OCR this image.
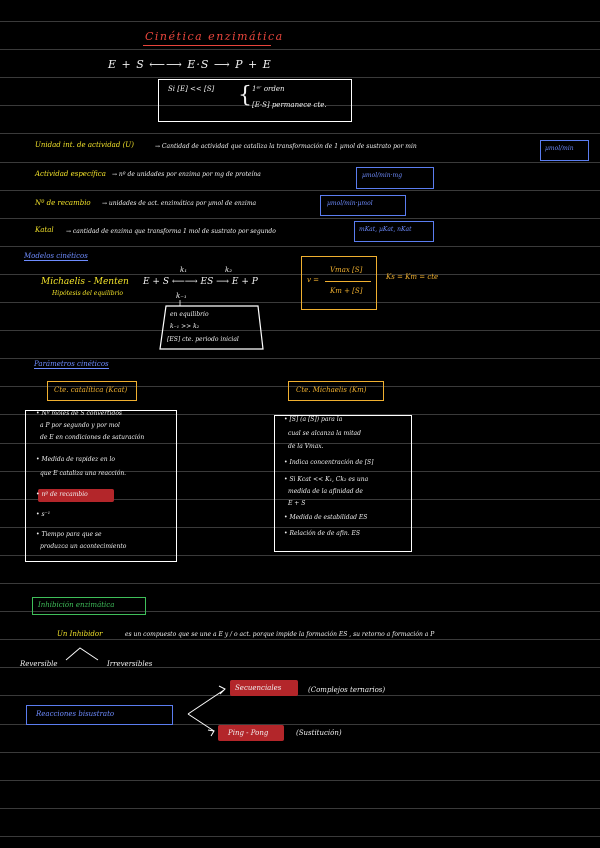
Cinética enzimática
E + S ⟵⟶ E·S ⟶ P + E
Si [E] << [S] { 1ᵉʳ orden
[E·S] permanece cte.
Unidad int. de actividad (U)	→ Cantidad de actividad que cataliza la transformación de 1 µmol de sustrato por min	µmol/min
Actividad específica → nº de unidades por enzima por mg de proteína	µmol/min·mg
Nº de recambio → unidades de act. enzimática por µmol de enzima	µmol/min·µmol
Katal → cantidad de enzima que transforma 1 mol de sustrato por segundo	mKat, µKat, nKat
Modelos cinéticos
Michaelis - Menten
Hipótesis del equilibrio
E + S ⟵⟶ ES ⟶ E + P
k₁	k₂
k₋₁
v =
Vmax [S]
Km + [S]
Ks = Km = cte
en equilibrio
k₋₁ >> k₂
[ES] cte. periodo inicial
Parámetros cinéticos
Cte. catalítica (Kcat)	Cte. Michaelis (Km)
• Nº moles de S convertidos
a P por segundo y por mol
de E en condiciones de saturación
• Medida de rapidez en lo
que E cataliza una reacción.
• nº de recambio
• s⁻¹
• Tiempo para que se
produzca un acontecimiento
• [S] (a [S]) para la
cual se alcanza la mitad
de la Vmax.
• Indica concentración de [S]
• Si Kcat << K₁, Ck₂ es una
medida de la afinidad de
E + S
• Medida de estabilidad ES
• Relación de de afin. ES
Inhibición enzimática
Un Inhibidor	es un compuesto que se une a E y / o act. porque impide la formación ES , su retorno a formación a P
Reversible	Irreversibles
Reacciones bisustrato
Secuenciales	(Complejos ternarios)
Ping - Pong	(Sustitución)
